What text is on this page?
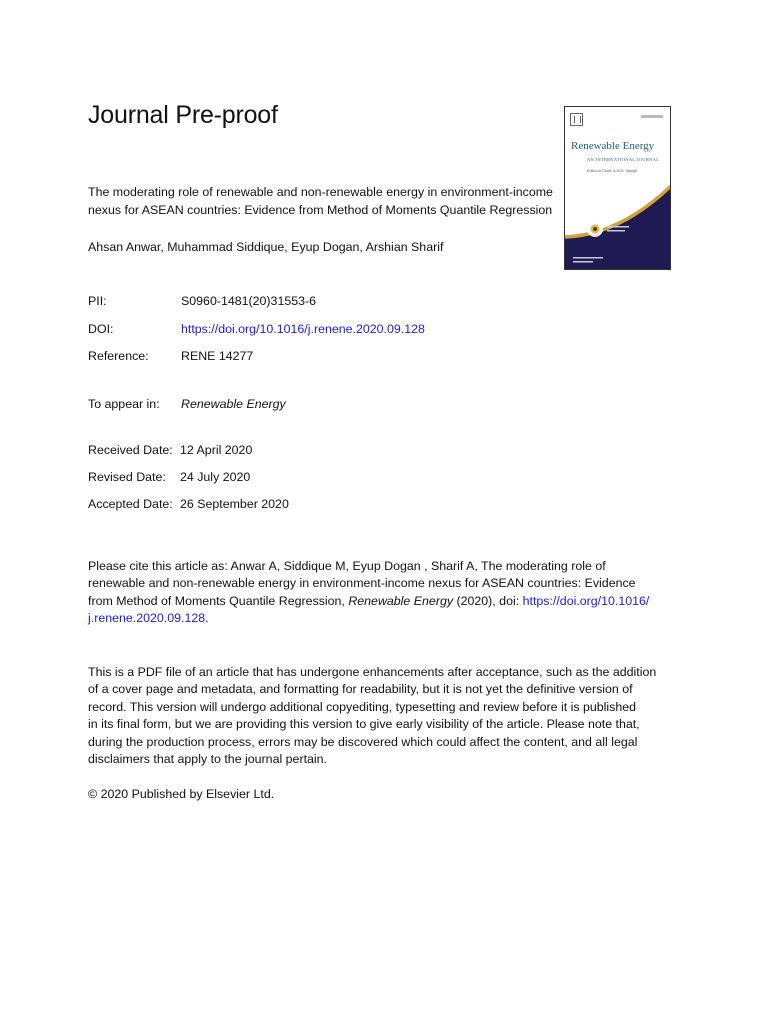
Journal Pre-proof
Renewable Energy
AN INTERNATIONAL JOURNAL
Editor-in-Chief: A.A.M. Sayigh

The moderating role of renewable and non-renewable energy in environment-income nexus for ASEAN countries: Evidence from Method of Moments Quantile Regression

Ahsan Anwar, Muhammad Siddique, Eyup Dogan, Arshian Sharif

PII:	S0960-1481(20)31553-6
DOI:	https://doi.org/10.1016/j.renene.2020.09.128
Reference:	RENE 14277
To appear in: Renewable Energy
Received Date: 12 April 2020
Revised Date: 24 July 2020
Accepted Date: 26 September 2020

Please cite this article as: Anwar A, Siddique M, Eyup Dogan , Sharif A, The moderating role of
renewable and non-renewable energy in environment-income nexus for ASEAN countries: Evidence
from Method of Moments Quantile Regression, Renewable Energy (2020), doi: https://doi.org/10.1016/
j.renene.2020.09.128.

This is a PDF file of an article that has undergone enhancements after acceptance, such as the addition
of a cover page and metadata, and formatting for readability, but it is not yet the definitive version of
record. This version will undergo additional copyediting, typesetting and review before it is published
in its final form, but we are providing this version to give early visibility of the article. Please note that,
during the production process, errors may be discovered which could affect the content, and all legal
disclaimers that apply to the journal pertain.

© 2020 Published by Elsevier Ltd.
